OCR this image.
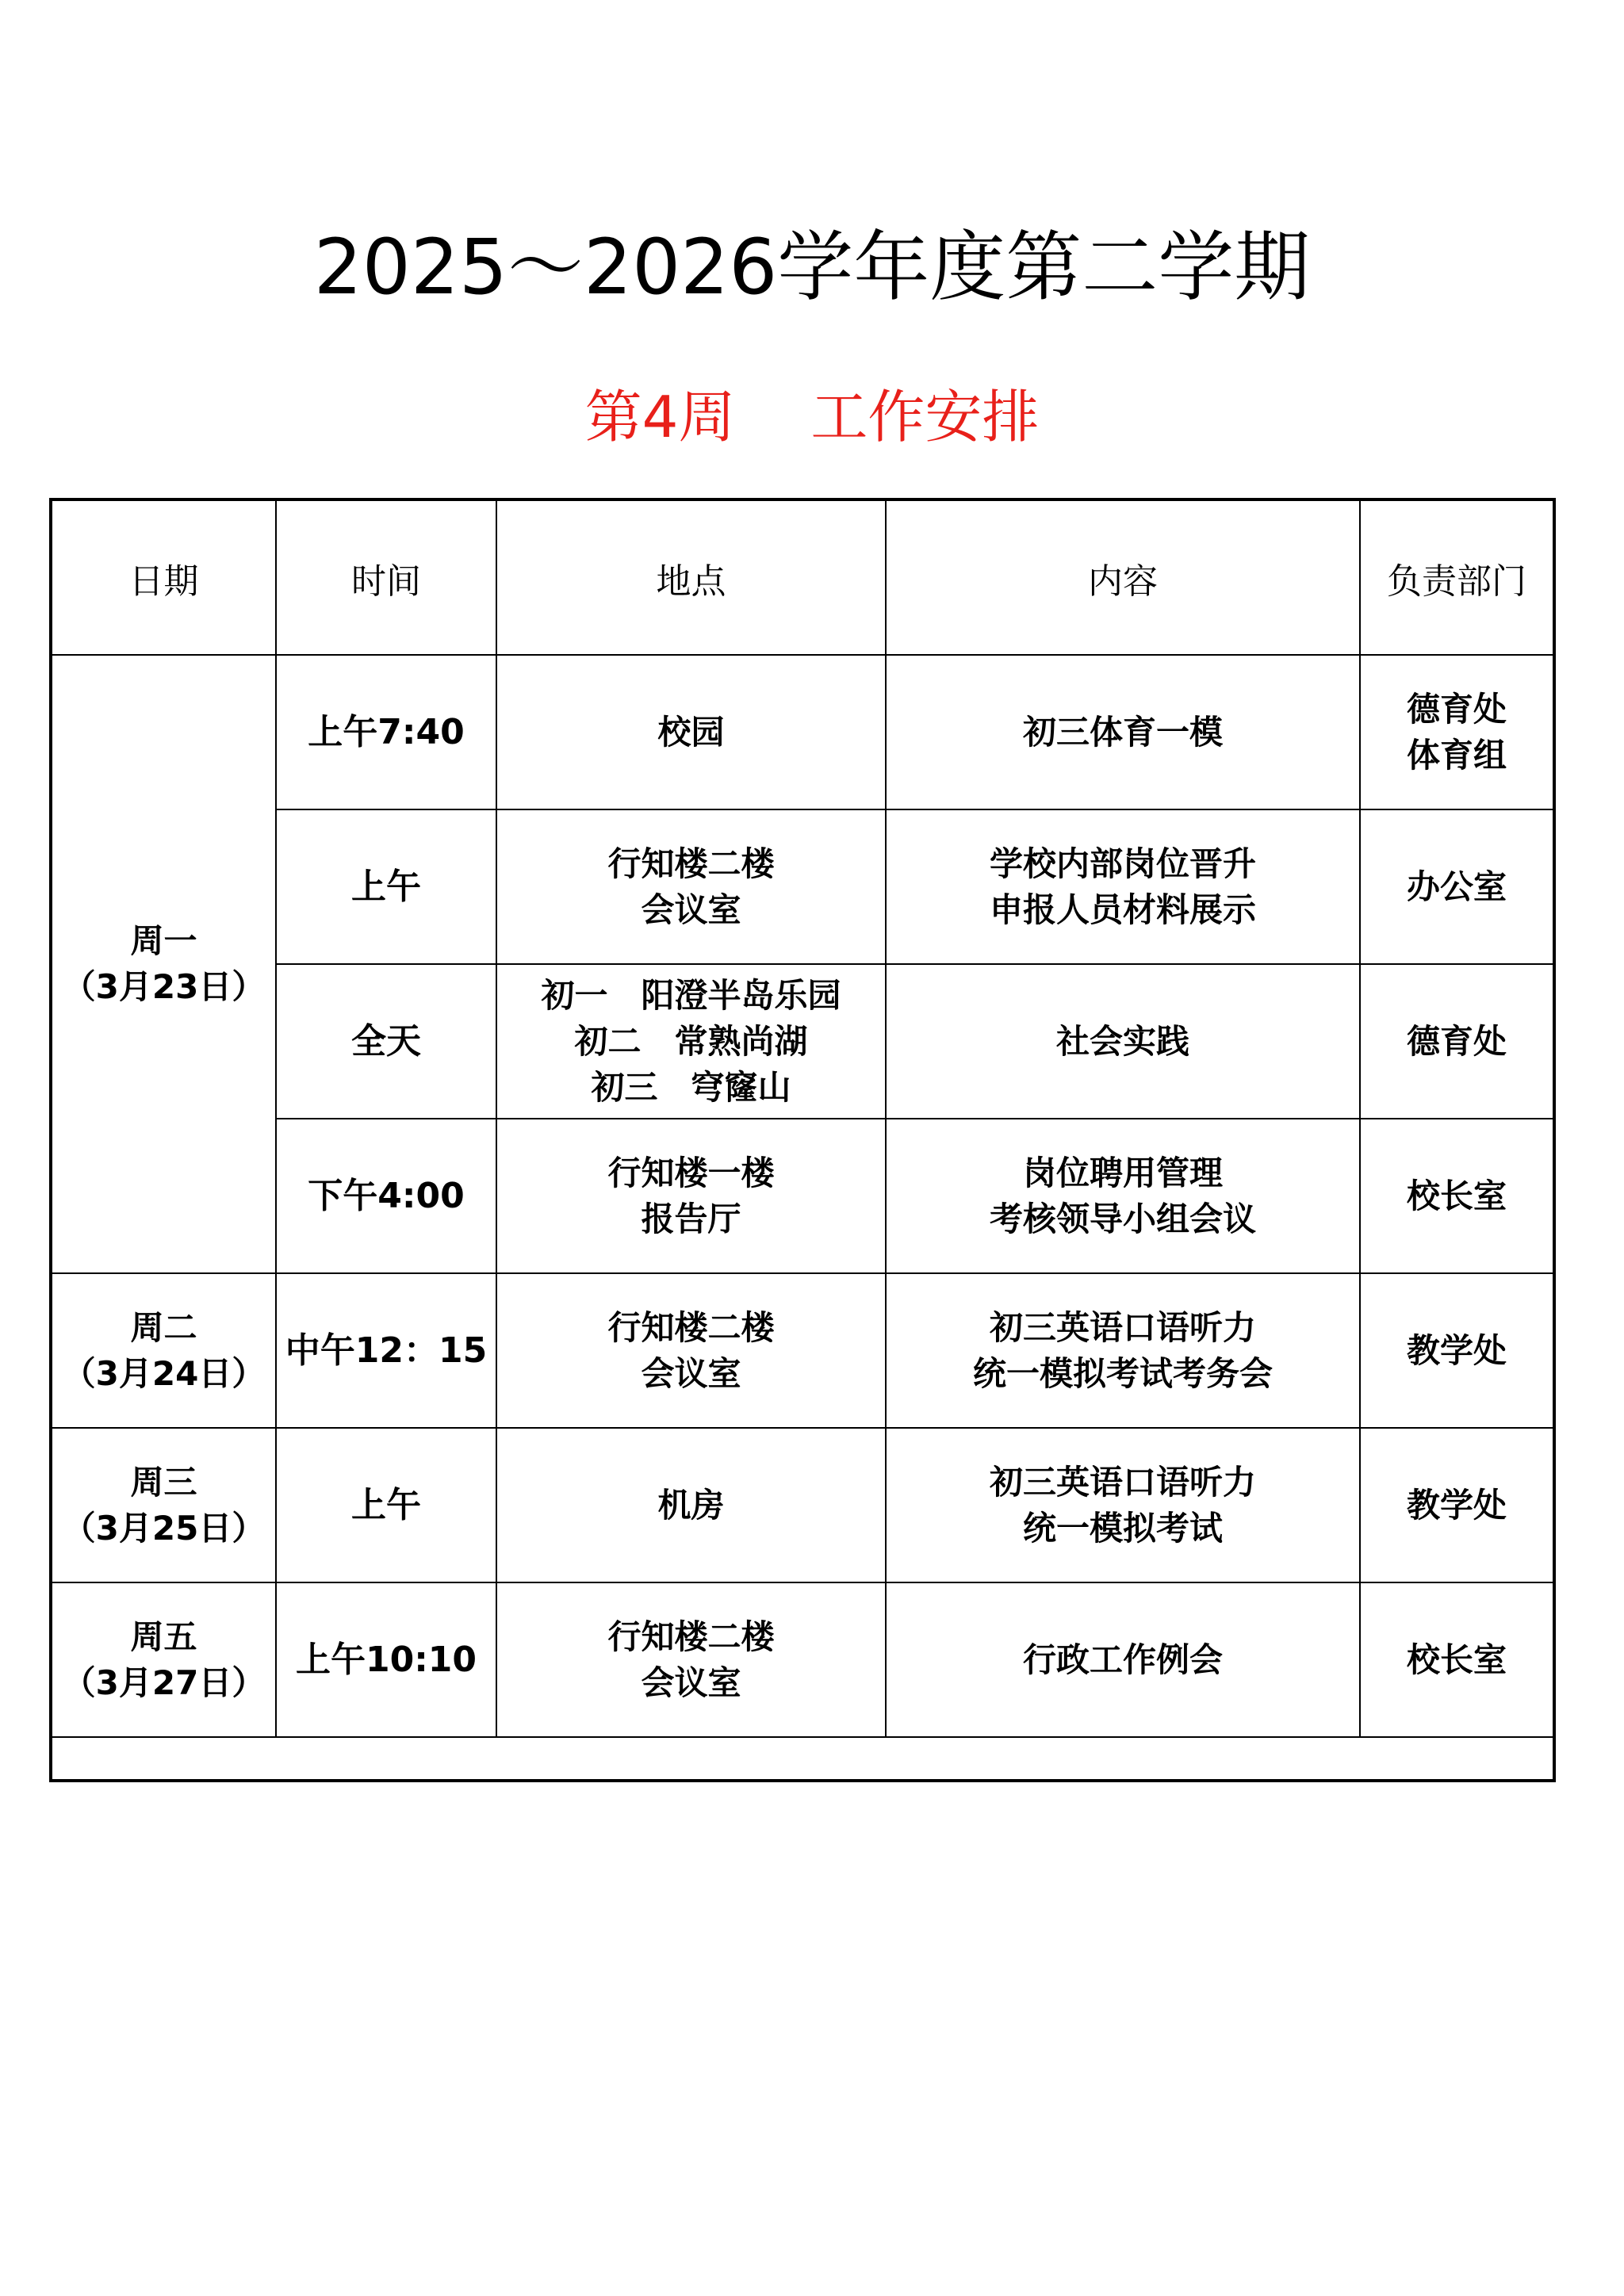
2025～2026学年度第二学期
第4周　 工作安排
日期	时间	地点	内容	负责部门

周一
（3月23日）	上午7:40	校园	初三体育一模	德育处
体育组

	上午	行知楼二楼
会议室	学校内部岗位晋升
申报人员材料展示	办公室

	全天	初一　阳澄半岛乐园
初二　常熟尚湖
初三　穹窿山	社会实践	德育处

	下午4:00	行知楼一楼
报告厅	岗位聘用管理
考核领导小组会议	校长室

周二
（3月24日）	中午12：15	行知楼二楼
会议室	初三英语口语听力
统一模拟考试考务会	教学处

周三
（3月25日）	上午	机房	初三英语口语听力
统一模拟考试	教学处

周五
（3月27日）	上午10:10	行知楼二楼
会议室	行政工作例会	校长室
